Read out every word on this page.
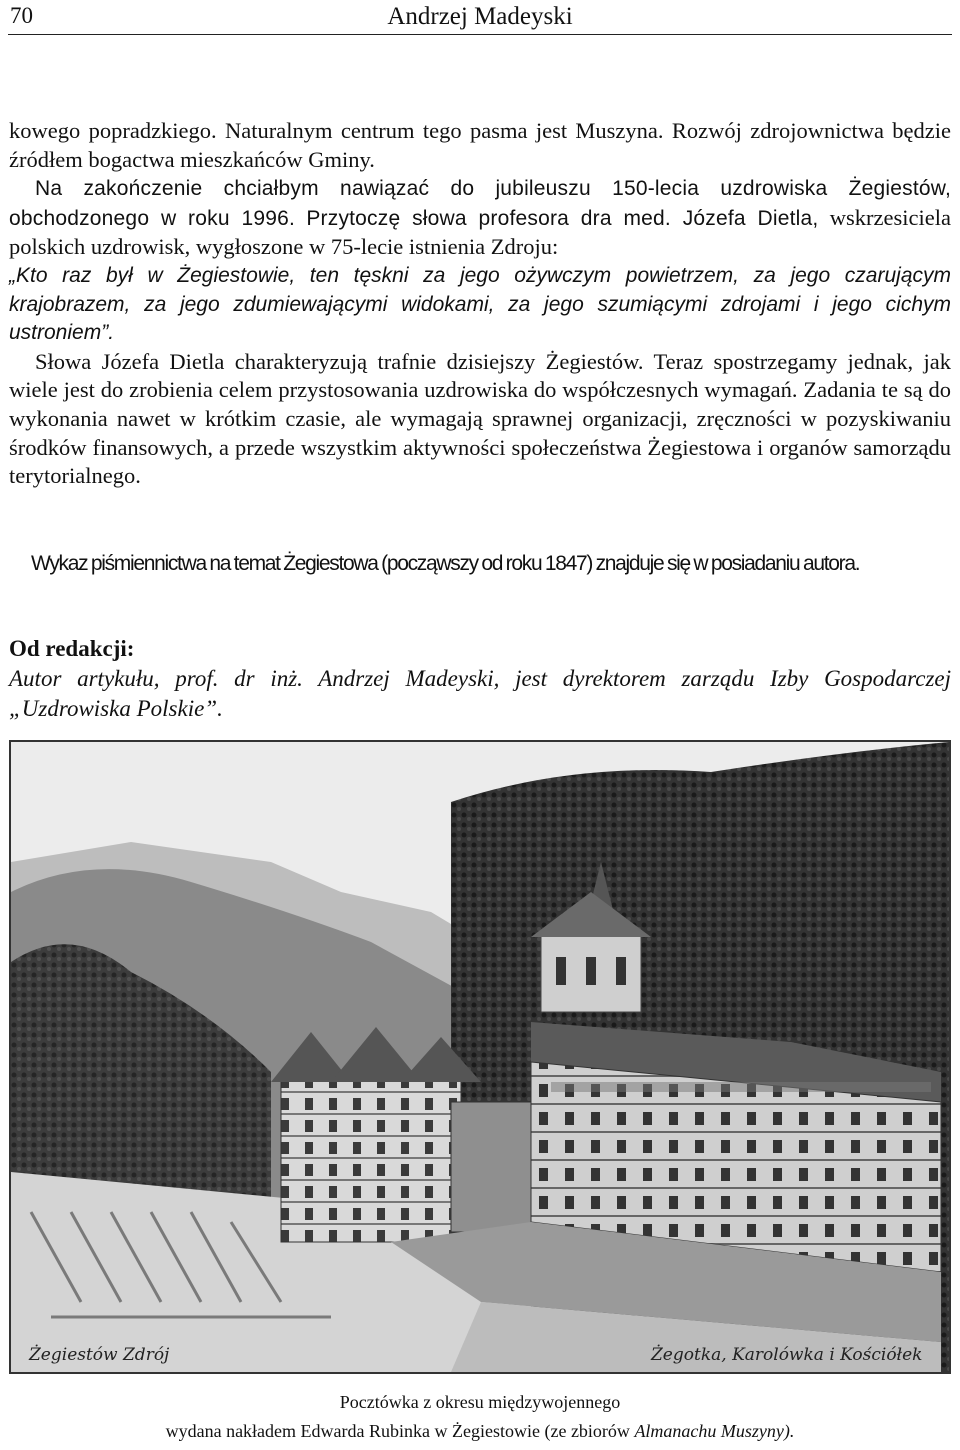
70	Andrzej Madeyski

kowego popradzkiego. Naturalnym centrum tego pasma jest Muszyna. Rozwój zdrojownictwa będzie źródłem bogactwa mieszkańców Gminy.

Na zakończenie chciałbym nawiązać do jubileuszu 150-lecia uzdrowiska Żegiestów, obchodzonego w roku 1996. Przytoczę słowa profesora dra med. Józefa Dietla, wskrzesiciela polskich uzdrowisk, wygłoszone w 75-lecie istnienia Zdroju:

„Kto raz był w Żegiestowie, ten tęskni za jego ożywczym powietrzem, za jego czarującym krajobrazem, za jego zdumiewającymi widokami, za jego szumiącymi zdrojami i jego cichym ustroniem”.

Słowa Józefa Dietla charakteryzują trafnie dzisiejszy Żegiestów. Teraz spostrzegamy jednak, jak wiele jest do zrobienia celem przystosowania uzdrowiska do współczesnych wymagań. Zadania te są do wykonania nawet w krótkim czasie, ale wymagają sprawnej organizacji, zręczności w pozyskiwaniu środków finansowych, a przede wszystkim aktywności społeczeństwa Żegiestowa i organów samorządu terytorialnego.

Wykaz piśmiennictwa na temat Żegiestowa (począwszy od roku 1847) znajduje się w posiadaniu autora.
Od redakcji:
Autor artykułu, prof. dr inż. Andrzej Madeyski, jest dyrektorem zarządu Izby Gospodarczej „Uzdrowiska Polskie”.
Żegiestów Zdrój	Żegotka, Karolówka i Kościółek
Pocztówka z okresu międzywojennego
wydana nakładem Edwarda Rubinka w Żegiestowie (ze zbiorów Almanachu Muszyny).
